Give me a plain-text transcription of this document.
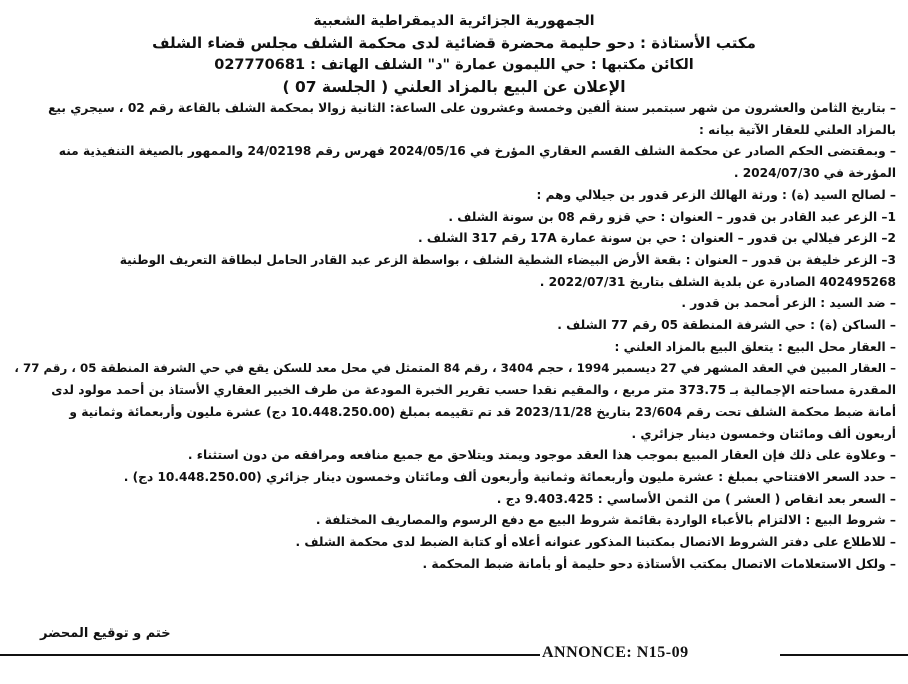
الجمهورية الجزائرية الديمقراطية الشعبية
مكتب الأستاذة : دحو حليمة محضرة قضائية لدى محكمة الشلف مجلس قضاء الشلف
الكائن مكتبها : حي الليمون عمارة "د" الشلف الهاتف : 027770681
الإعلان عن البيع بالمزاد العلني ( الجلسة 07 )
– بتاريخ الثامن والعشرون من شهر سبتمبر سنة ألفين وخمسة وعشرون على الساعة: الثانية زوالا بمحكمة الشلف بالقاعة رقم 02 ، سيجري بيع
بالمزاد العلني للعقار الآتية بيانه :
– وبمقتضى الحكم الصادر عن محكمة الشلف القسم العقاري المؤرخ في 2024/05/16 فهرس رقم 24/02198 والممهور بالصيغة التنفيذية منه
المؤرخة في 2024/07/30 .
– لصالح السيد (ة) : ورثة الهالك الزعر قدور بن جيلالي وهم :
1– الزعر عبد القادر بن قدور – العنوان : حي قزو رقم 08 بن سونة الشلف .
2– الزعر فيلالي بن قدور – العنوان : حي بن سونة عمارة 17A رقم 317 الشلف .
3– الزعر خليفة بن قدور – العنوان : بقعة الأرض البيضاء الشطية الشلف ، بواسطة الزعر عبد القادر الحامل لبطاقة التعريف الوطنية
402495268 الصادرة عن بلدية الشلف بتاريخ 2022/07/31 .
– ضد السيد : الزعر أمحمد بن قدور .
– الساكن (ة) : حي الشرفة المنطقة 05 رقم 77 الشلف .
– العقار محل البيع : يتعلق البيع بالمزاد العلني :
– العقار المبين في العقد المشهر في 27 ديسمبر 1994 ، حجم 3404 ، رقم 84 المتمثل في محل معد للسكن يقع في حي الشرفة المنطقة 05 ، رقم 77 ،
المقدرة مساحته الإجمالية بـ 373.75 متر مربع ، والمقيم نقدا حسب تقرير الخبرة المودعة من طرف الخبير العقاري الأستاذ بن أحمد مولود لدى
أمانة ضبط محكمة الشلف تحت رقم 23/604 بتاريخ 2023/11/28 قد تم تقييمه بمبلغ (10.448.250.00 دج) عشرة مليون وأربعمائة وثمانية و
أربعون ألف ومائتان وخمسون دينار جزائري .
– وعلاوة على ذلك فإن العقار المبيع بموجب هذا العقد موجود ويمتد ويتلاحق مع جميع منافعه ومرافقه من دون استثناء .
– حدد السعر الافتتاحي بمبلغ : عشرة مليون وأربعمائة وثمانية وأربعون ألف ومائتان وخمسون دينار جزائري (10.448.250.00 دج) .
– السعر بعد انقاص ( العشر ) من الثمن الأساسي : 9.403.425 دج .
– شروط البيع : الالتزام بالأعباء الواردة بقائمة شروط البيع مع دفع الرسوم والمصاريف المختلفة .
– للاطلاع على دفتر الشروط الاتصال بمكتبنا المذكور عنوانه أعلاه أو كتابة الضبط لدى محكمة الشلف .
– ولكل الاستعلامات الاتصال بمكتب الأستاذة دحو حليمة أو بأمانة ضبط المحكمة .
ختم و توقيع المحضر
ANNONCE: N15-09
